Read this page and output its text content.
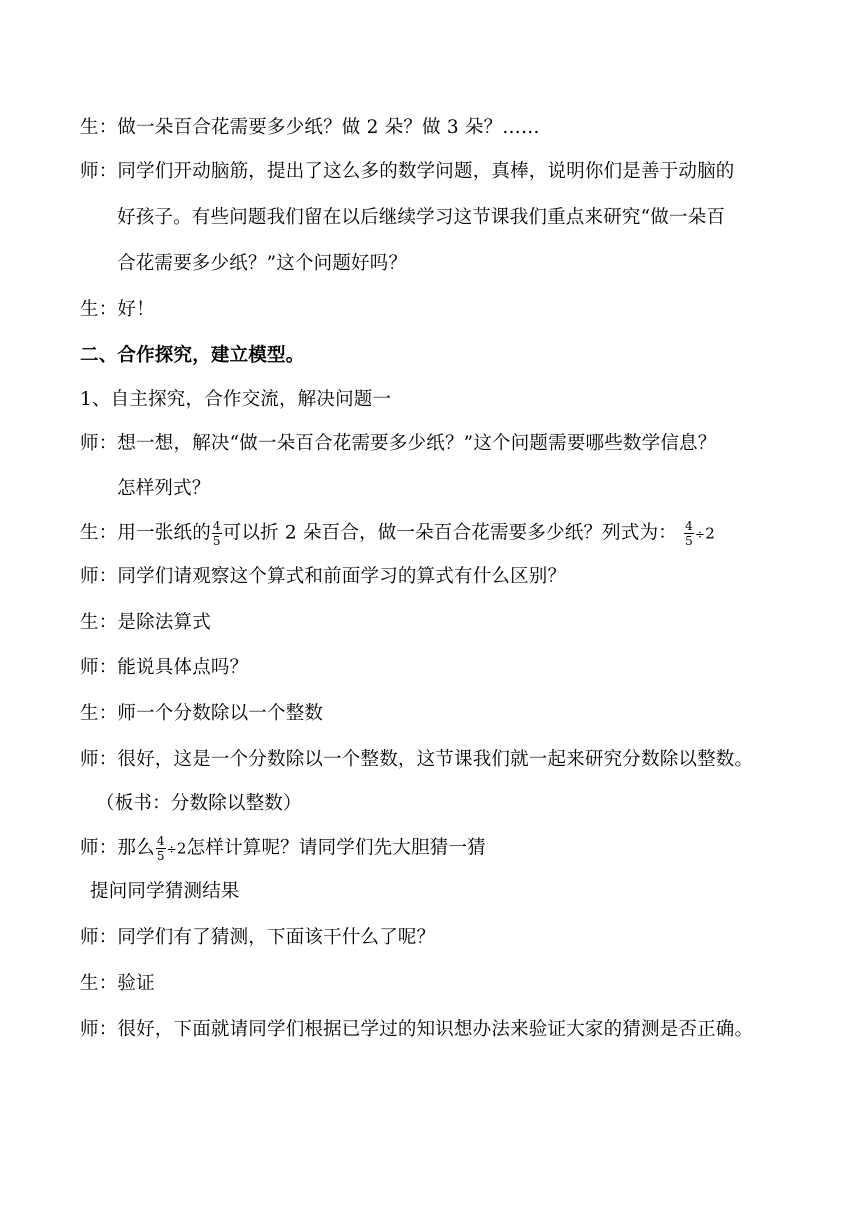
生：做一朵百合花需要多少纸？做 2 朵？做 3 朵？……
师：同学们开动脑筋，提出了这么多的数学问题，真棒，说明你们是善于动脑的
好孩子。有些问题我们留在以后继续学习这节课我们重点来研究“做一朵百
合花需要多少纸？”这个问题好吗？
生：好！
二、合作探究，建立模型。
1、自主探究，合作交流，解决问题一
师：想一想，解决“做一朵百合花需要多少纸？”这个问题需要哪些数学信息？
怎样列式？
生：用一张纸的 $\frac{4}{5}$ 可以折 2 朵百合，做一朵百合花需要多少纸？列式为： $\frac{4}{5} \div 2$
师：同学们请观察这个算式和前面学习的算式有什么区别？
生：是除法算式
师：能说具体点吗？
生：师一个分数除以一个整数
师：很好，这是一个分数除以一个整数，这节课我们就一起来研究分数除以整数。
（板书：分数除以整数）
师：那么 $\frac{4}{5} \div 2$怎样计算呢？请同学们先大胆猜一猜
提问同学猜测结果
师：同学们有了猜测，下面该干什么了呢？
生：验证
师：很好，下面就请同学们根据已学过的知识想办法来验证大家的猜测是否正确。
